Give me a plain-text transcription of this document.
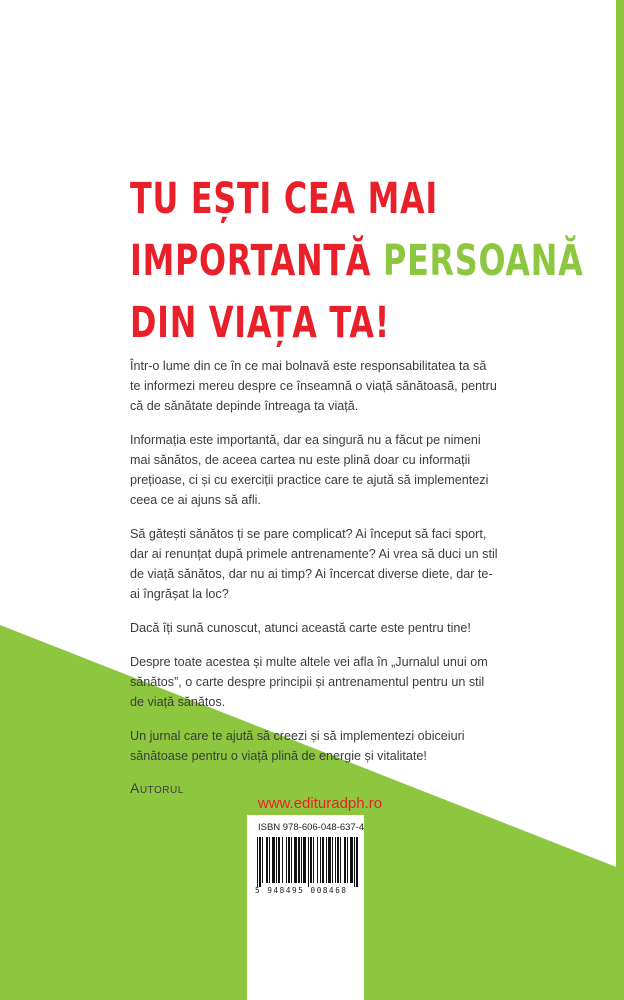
TU EȘTI CEA MAI
IMPORTANTĂ PERSOANĂ
DIN VIAȚA TA!

Într-o lume din ce în ce mai bolnavă este responsabilitatea ta să te informezi mereu despre ce înseamnă o viață sănătoasă, pentru că de sănătate depinde întreaga ta viață.

Informația este importantă, dar ea singură nu a făcut pe nimeni mai sănătos, de aceea cartea nu este plină doar cu informații prețioase, ci și cu exerciții practice care te ajută să implementezi ceea ce ai ajuns să afli.

Să gătești sănătos ți se pare complicat? Ai început să faci sport, dar ai renunțat după primele antrenamente? Ai vrea să duci un stil de viață sănătos, dar nu ai timp? Ai încercat diverse diete, dar te-ai îngrășat la loc?

Dacă îți sună cunoscut, atunci această carte este pentru tine!

Despre toate acestea și multe altele vei afla în „Jurnalul unui om sănătos”, o carte despre principii și antrenamentul pentru un stil de viață sănătos.

Un jurnal care te ajută să creezi și să implementezi obiceiuri sănătoase pentru o viață plină de energie și vitalitate!

Autorul
www.edituradph.ro
ISBN 978-606-048-637-4
5 948495 008468
